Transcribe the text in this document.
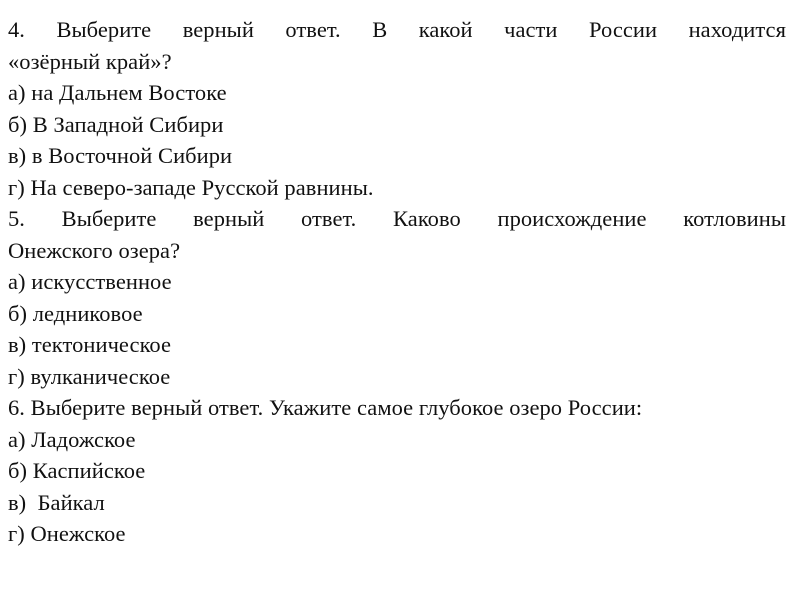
4. Выберите верный ответ. В какой части России находится
«озёрный край»?
а) на Дальнем Востоке
б) В Западной Сибири
в) в Восточной Сибири
г) На северо-западе Русской равнины.
5. Выберите верный ответ. Каково происхождение котловины
Онежского озера?
а) искусственное
б) ледниковое
в) тектоническое
г) вулканическое
6. Выберите верный ответ. Укажите самое глубокое озеро России:
а) Ладожское
б) Каспийское
в)  Байкал
г) Онежское
